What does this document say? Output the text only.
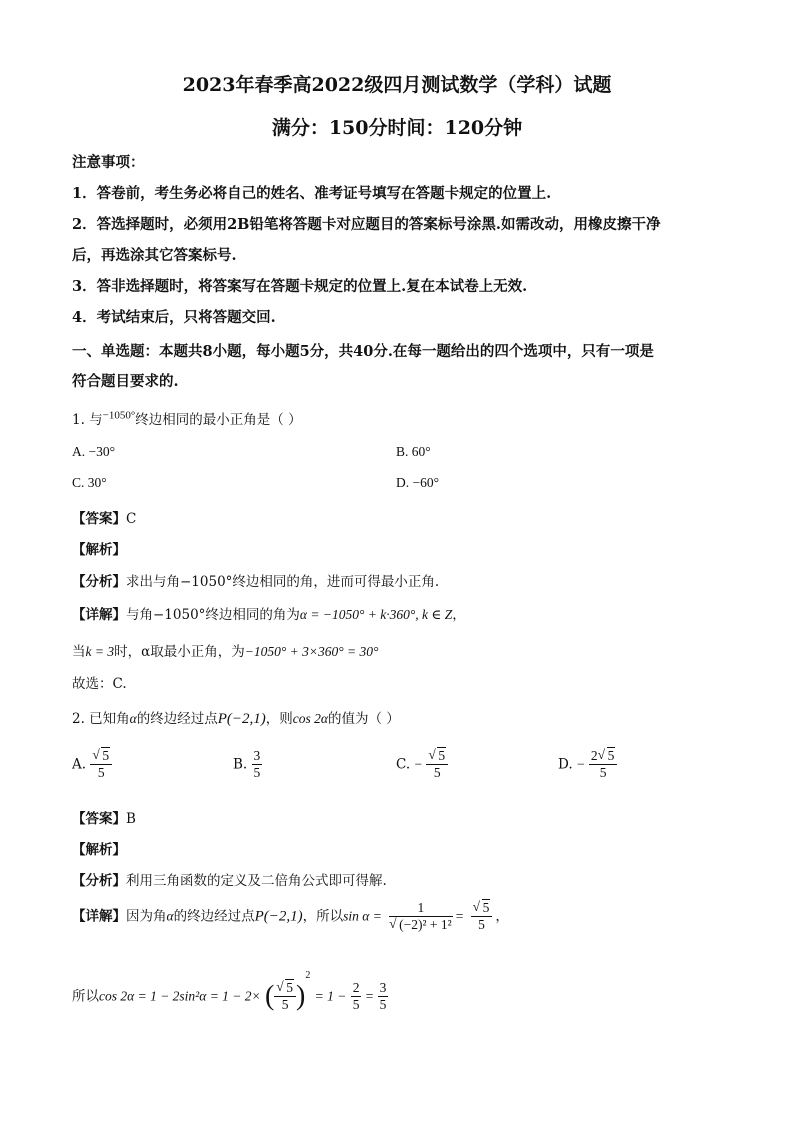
2023年春季高2022级四月测试数学（学科）试题
满分：150分时间：120分钟
注意事项：
1．答卷前，考生务必将自己的姓名、准考证号填写在答题卡规定的位置上.
2．答选择题时，必须用2B铅笔将答题卡对应题目的答案标号涂黑.如需改动，用橡皮擦干净
后，再选涂其它答案标号.
3．答非选择题时，将答案写在答题卡规定的位置上.复在本试卷上无效.
4．考试结束后，只将答题交回.
一、单选题：本题共8小题，每小题5分，共40分.在每一题给出的四个选项中，只有一项是
符合题目要求的.
1. 与$^{-1050^\circ}$终边相同的最小正角是（ ）
A. −30°	B. 60°
C. 30°	D. −60°
【答案】C
【解析】
【分析】求出与角−1050°终边相同的角，进而可得最小正角.
【详解】与角−1050°终边相同的角为α = −1050° + k·360°, k ∈ Z，
当k = 3时，α取最小正角，为−1050° + 3×360° = 30°
故选：C.
2. 已知角α的终边经过点P(−2,1)，则cos 2α的值为（ ）
A. √ $\frac{5}{5}$	B. $\frac{3}{5}$	C. − √ $\frac{5}{5}$	D. − $\frac{2 √ 5}{5}$
【答案】B
【解析】
【分析】利用三角函数的定义及二倍角公式即可得解.
【详解】因为角α的终边经过点P(−2,1)，所以sin α = 1
√ (−2)² + 1² = √ $\frac{5}{5}$ ，
所以cos 2α = 1 − 2sin²α = 1 − 2× ( √ $\frac{5}{5} )^2 = 1 - \frac{2}{5} = \frac{3}{5}$
